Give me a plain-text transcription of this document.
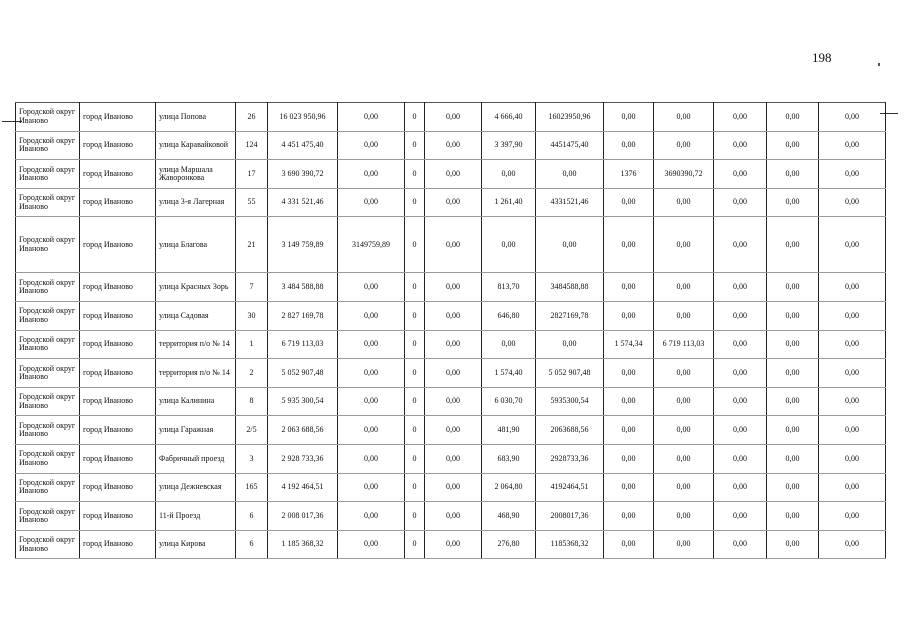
198
Городской округ Иваново	город Иваново	улица Попова	26	16 023 950,96	0,00	0	0,00	4 666,40	16023950,96	0,00	0,00	0,00	0,00	0,00
Городской округ Иваново	город Иваново	улица Каравайковой	124	4 451 475,40	0,00	0	0,00	3 397,90	4451475,40	0,00	0,00	0,00	0,00	0,00
Городской округ Иваново	город Иваново	улица Маршала Жаворонкова	17	3 690 390,72	0,00	0	0,00	0,00	0,00	1376	3690390,72	0,00	0,00	0,00
Городской округ Иваново	город Иваново	улица 3-я Лагерная	55	4 331 521,46	0,00	0	0,00	1 261,40	4331521,46	0,00	0,00	0,00	0,00	0,00
Городской округ Иваново	город Иваново	улица Благова	21	3 149 759,89	3149759,89	0	0,00	0,00	0,00	0,00	0,00	0,00	0,00	0,00
Городской округ Иваново	город Иваново	улица Красных Зорь	7	3 484 588,88	0,00	0	0,00	813,70	3484588,88	0,00	0,00	0,00	0,00	0,00
Городской округ Иваново	город Иваново	улица Садовая	30	2 827 169,78	0,00	0	0,00	646,80	2827169,78	0,00	0,00	0,00	0,00	0,00
Городской округ Иваново	город Иваново	территория п/о № 14	1	6 719 113,03	0,00	0	0,00	0,00	0,00	1 574,34	6 719 113,03	0,00	0,00	0,00
Городской округ Иваново	город Иваново	территория п/о № 14	2	5 052 907,48	0,00	0	0,00	1 574,40	5 052 907,48	0,00	0,00	0,00	0,00	0,00
Городской округ Иваново	город Иваново	улица Калинина	8	5 935 300,54	0,00	0	0,00	6 030,70	5935300,54	0,00	0,00	0,00	0,00	0,00
Городской округ Иваново	город Иваново	улица Гаражная	2/5	2 063 688,56	0,00	0	0,00	481,90	2063688,56	0,00	0,00	0,00	0,00	0,00
Городской округ Иваново	город Иваново	Фабричный проезд	3	2 928 733,36	0,00	0	0,00	683,90	2928733,36	0,00	0,00	0,00	0,00	0,00
Городской округ Иваново	город Иваново	улица Дежневская	165	4 192 464,51	0,00	0	0,00	2 064,80	4192464,51	0,00	0,00	0,00	0,00	0,00
Городской округ Иваново	город Иваново	11-й Проезд	6	2 008 017,36	0,00	0	0,00	468,90	2008017,36	0,00	0,00	0,00	0,00	0,00
Городской округ Иваново	город Иваново	улица Кирова	6	1 185 368,32	0,00	0	0,00	276,80	1185368,32	0,00	0,00	0,00	0,00	0,00
